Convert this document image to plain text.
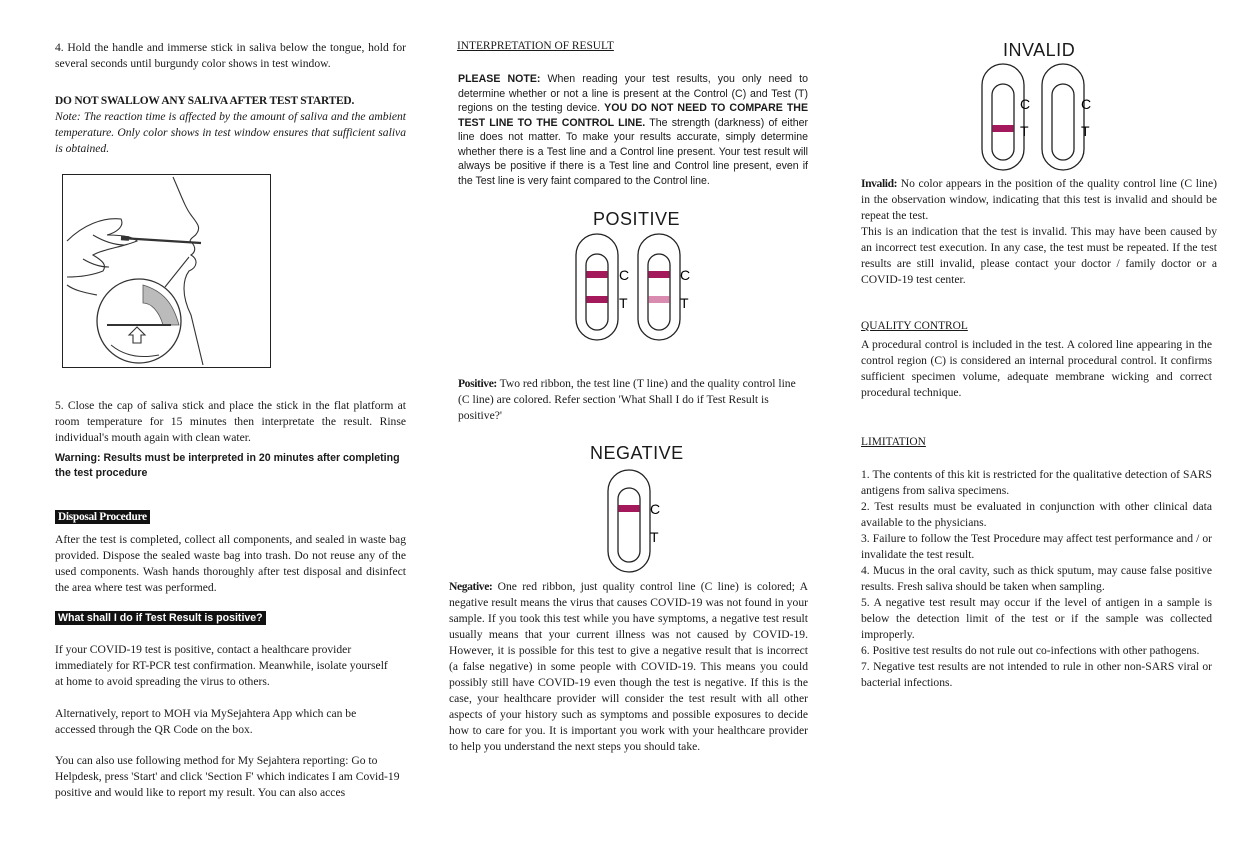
4. Hold the handle and immerse stick in saliva below the tongue, hold for several seconds until burgundy color shows in test window.

DO NOT SWALLOW ANY SALIVA AFTER TEST STARTED.

Note: The reaction time is affected by the amount of saliva and the ambient temperature. Only color shows in test window ensures that sufficient saliva is obtained.

5. Close the cap of saliva stick and place the stick in the flat platform at room temperature for 15 minutes then interpretate the result. Rinse individual's mouth again with clean water.

Warning: Results must be interpreted in 20 minutes after completing the test procedure

Disposal Procedure

After the test is completed, collect all components, and sealed in waste bag provided. Dispose the sealed waste bag into trash. Do not reuse any of the used components. Wash hands thoroughly after test disposal and disinfect the area where test was performed.

What shall I do if Test Result is positive?

If your COVID-19 test is positive, contact a healthcare provider immediately for RT-PCR test confirmation. Meanwhile, isolate yourself at home to avoid spreading the virus to others.

Alternatively, report to MOH via MySejahtera App which can be accessed through the QR Code on the box.

You can also use following method for My Sejahtera reporting: Go to Helpdesk, press 'Start' and click 'Section F' which indicates I am Covid-19 positive and would like to report my result. You can also acces

INTERPRETATION OF RESULT

PLEASE NOTE: When reading your test results, you only need to determine whether or not a line is present at the Control (C) and Test (T) regions on the testing device. YOU DO NOT NEED TO COMPARE THE TEST LINE TO THE CONTROL LINE. The strength (darkness) of either line does not matter. To make your results accurate, simply determine whether there is a Test line and a Control line present. Your test result will always be positive if there is a Test line and Control line present, even if the Test line is very faint compared to the Control line.

POSITIVE
C
T
C
T

Positive: Two red ribbon, the test line (T line) and the quality control line (C line) are colored. Refer section 'What Shall I do if Test Result is positive?'

NEGATIVE
C
T

Negative: One red ribbon, just quality control line (C line) is colored; A negative result means the virus that causes COVID-19 was not found in your sample. If you took this test while you have symptoms, a negative test result usually means that your current illness was not caused by COVID-19. However, it is possible for this test to give a negative result that is incorrect (a false negative) in some people with COVID-19. This means you could possibly still have COVID-19 even though the test is negative. If this is the case, your healthcare provider will consider the test result with all other aspects of your history such as symptoms and possible exposures to decide how to care for you. It is important you work with your healthcare provider to help you understand the next steps you should take.

INVALID
C
T
C
T

Invalid: No color appears in the position of the quality control line (C line) in the observation window, indicating that this test is invalid and should be repeat the test.

This is an indication that the test is invalid. This may have been caused by an incorrect test execution. In any case, the test must be repeated. If the test results are still invalid, please contact your doctor / family doctor or a COVID-19 test center.

QUALITY CONTROL

A procedural control is included in the test. A colored line appearing in the control region (C) is considered an internal procedural control. It confirms sufficient specimen volume, adequate membrane wicking and correct procedural technique.

LIMITATION

1. The contents of this kit is restricted for the qualitative detection of SARS antigens from saliva specimens.

2. Test results must be evaluated in conjunction with other clinical data available to the physicians.

3. Failure to follow the Test Procedure may affect test performance and / or invalidate the test result.

4. Mucus in the oral cavity, such as thick sputum, may cause false positive results. Fresh saliva should be taken when sampling.

5. A negative test result may occur if the level of antigen in a sample is below the detection limit of the test or if the sample was collected improperly.

6. Positive test results do not rule out co-infections with other pathogens.

7. Negative test results are not intended to rule in other non-SARS viral or bacterial infections.
